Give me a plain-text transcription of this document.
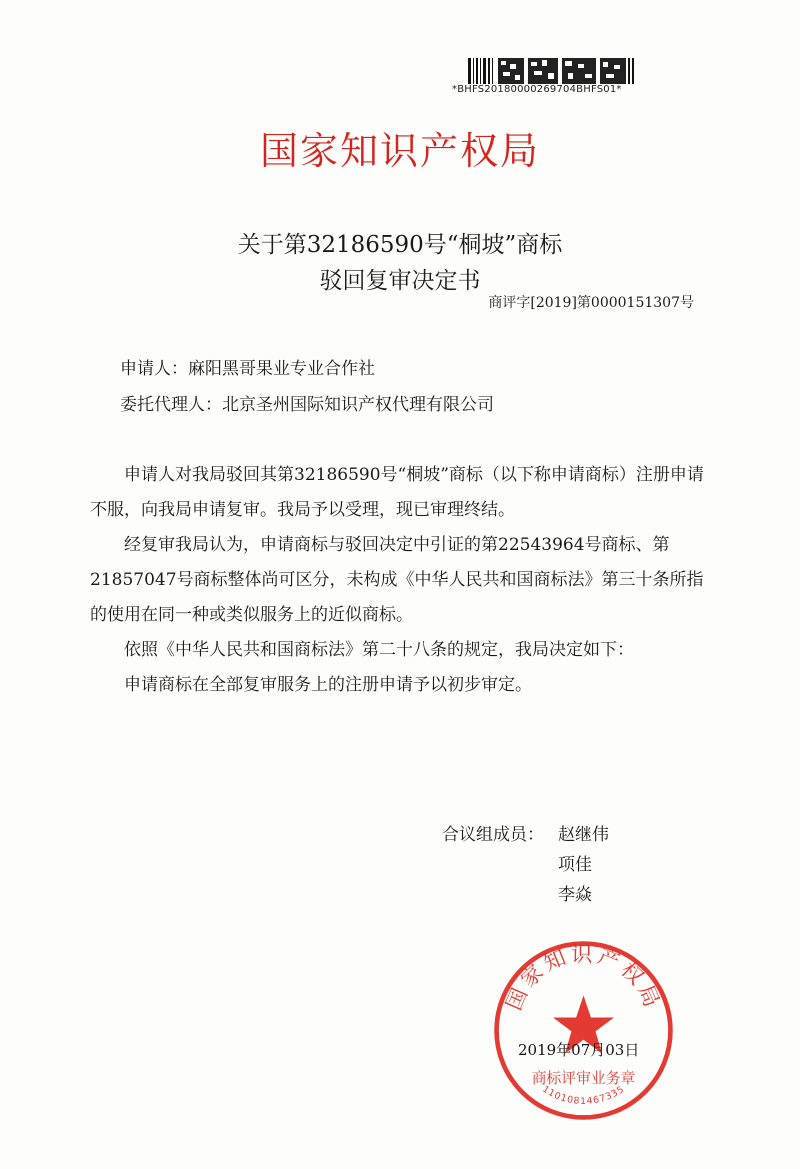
*BHFS20180000269704BHFS01*
国家知识产权局
关于第32186590号“桐坡”商标
驳回复审决定书
商评字[2019]第0000151307号
申请人：麻阳黑哥果业专业合作社
委托代理人：北京圣州国际知识产权代理有限公司

申请人对我局驳回其第32186590号“桐坡”商标（以下称申请商标）注册申请不服，向我局申请复审。我局予以受理，现已审理终结。

经复审我局认为，申请商标与驳回决定中引证的第22543964号商标、第21857047号商标整体尚可区分，未构成《中华人民共和国商标法》第三十条所指的使用在同一种或类似服务上的近似商标。

依照《中华人民共和国商标法》第二十八条的规定，我局决定如下：

申请商标在全部复审服务上的注册申请予以初步审定。

合议组成员： 赵继伟
项佳
李焱
国家知识产权局
商标评审业务章
1101081467335
2019年07月03日
